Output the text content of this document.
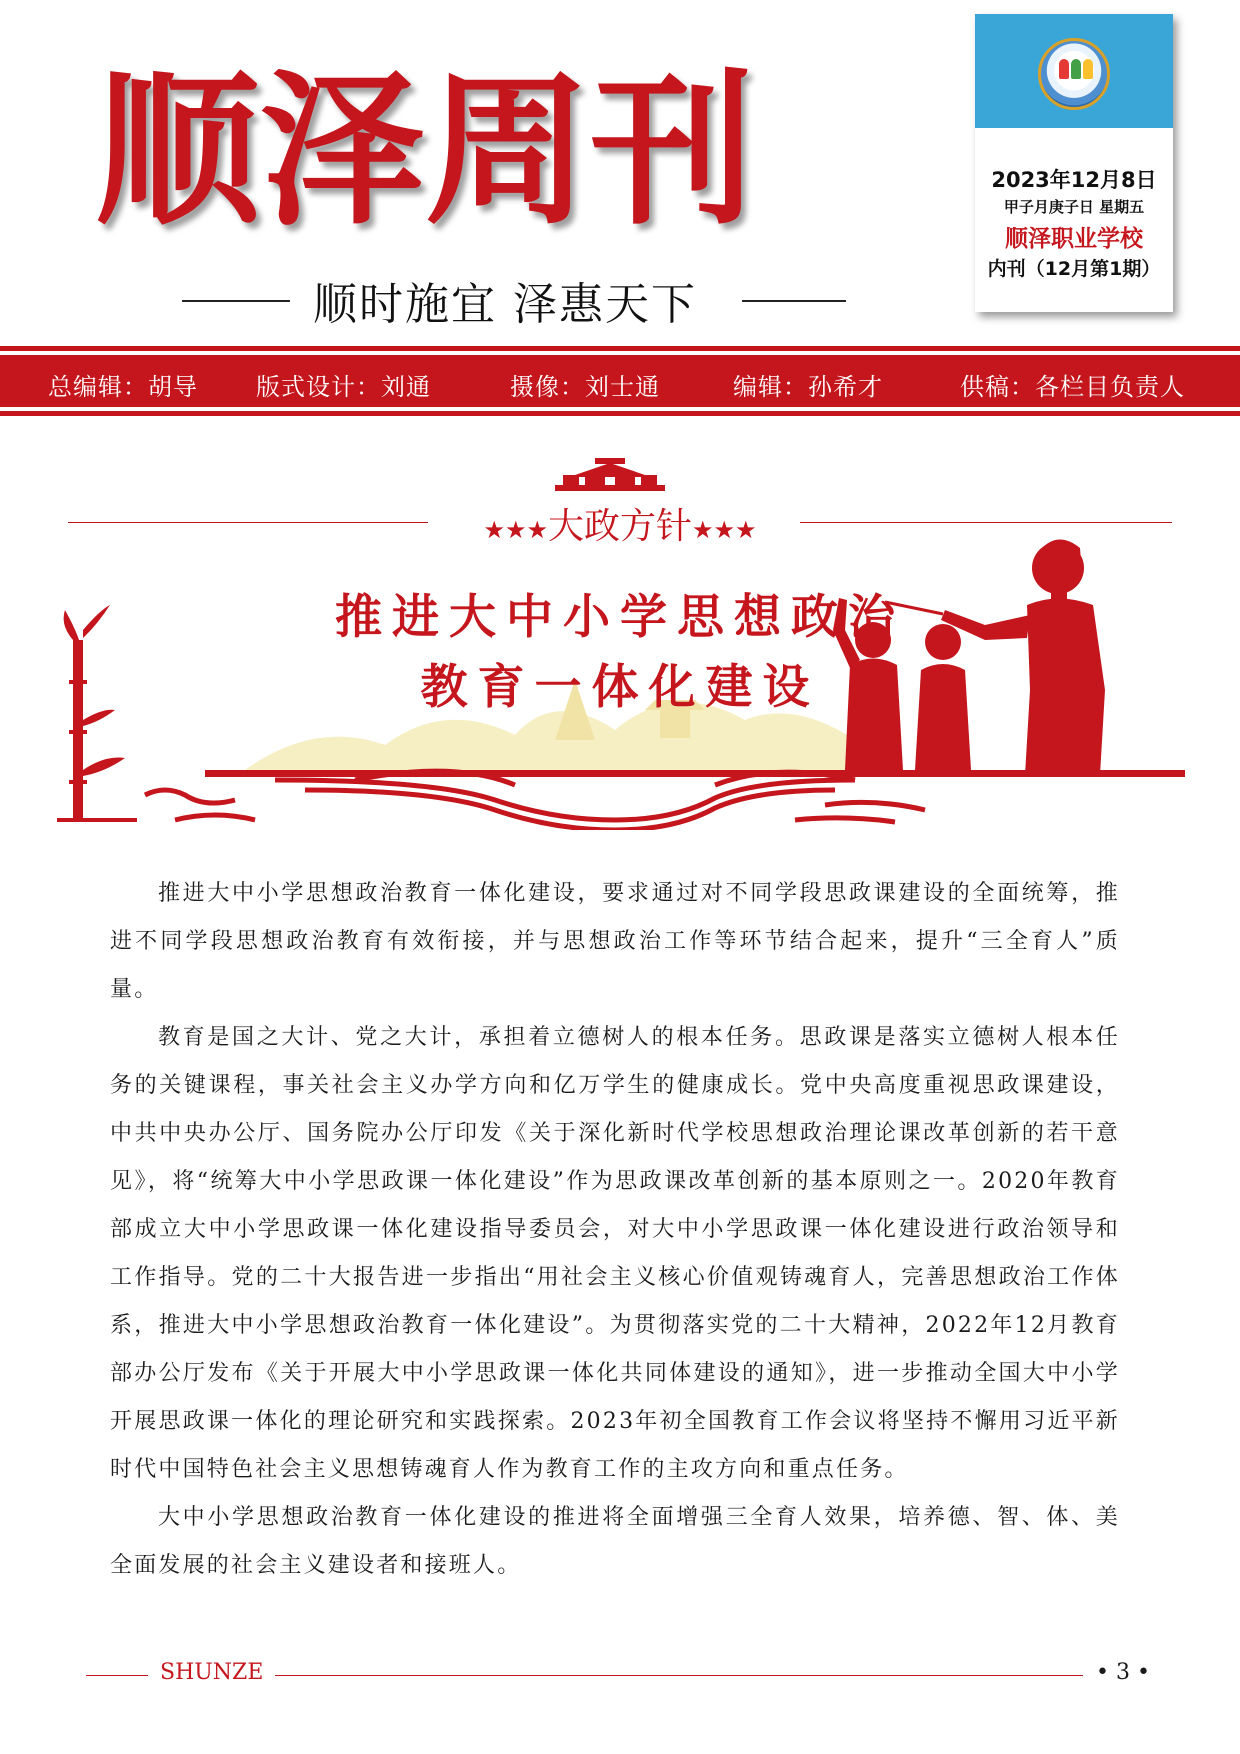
顺泽周刊
顺时施宜 泽惠天下
2023年12月8日
甲子月庚子日 星期五
顺泽职业学校
内刊（12月第1期）
总编辑：胡导 版式设计：刘通	摄像：刘士通	编辑：孙希才	供稿：各栏目负责人
★★★大政方针★★★
推进大中小学思想政治
教育一体化建设

推进大中小学思想政治教育一体化建设，要求通过对不同学段思政课建设的全面统筹，推进不同学段思想政治教育有效衔接，并与思想政治工作等环节结合起来，提升“三全育人”质量。

教育是国之大计、党之大计，承担着立德树人的根本任务。思政课是落实立德树人根本任务的关键课程，事关社会主义办学方向和亿万学生的健康成长。党中央高度重视思政课建设，中共中央办公厅、国务院办公厅印发《关于深化新时代学校思想政治理论课改革创新的若干意见》，将“统筹大中小学思政课一体化建设”作为思政课改革创新的基本原则之一。2020年教育部成立大中小学思政课一体化建设指导委员会，对大中小学思政课一体化建设进行政治领导和工作指导。党的二十大报告进一步指出“用社会主义核心价值观铸魂育人，完善思想政治工作体系，推进大中小学思想政治教育一体化建设”。为贯彻落实党的二十大精神，2022年12月教育部办公厅发布《关于开展大中小学思政课一体化共同体建设的通知》，进一步推动全国大中小学开展思政课一体化的理论研究和实践探索。2023年初全国教育工作会议将坚持不懈用习近平新时代中国特色社会主义思想铸魂育人作为教育工作的主攻方向和重点任务。

大中小学思想政治教育一体化建设的推进将全面增强三全育人效果，培养德、智、体、美全面发展的社会主义建设者和接班人。

SHUNZE	• 3 •
